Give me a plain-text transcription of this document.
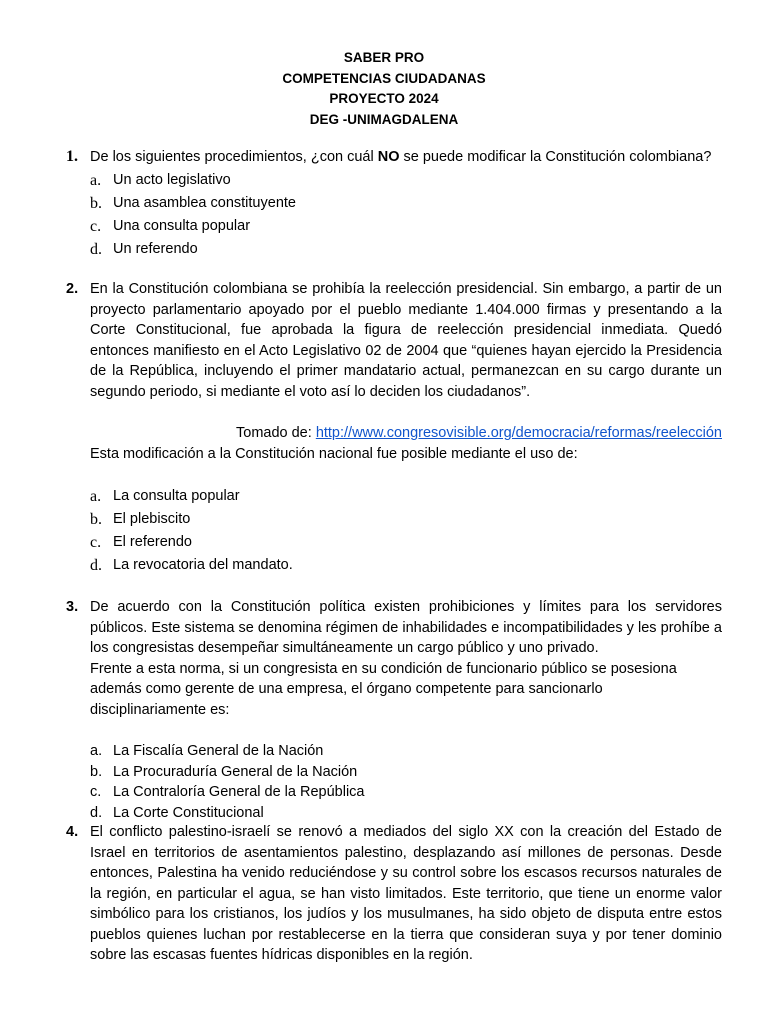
SABER PRO
COMPETENCIAS CIUDADANAS
PROYECTO 2024
DEG -UNIMAGDALENA
1. De los siguientes procedimientos, ¿con cuál NO se puede modificar la Constitución colombiana?

a. Un acto legislativo
b. Una asamblea constituyente
c. Una consulta popular
d. Un referendo
2. En la Constitución colombiana se prohibía la reelección presidencial. Sin embargo, a partir de un proyecto parlamentario apoyado por el pueblo mediante 1.404.000 firmas y presentando a la Corte Constitucional, fue aprobada la figura de reelección presidencial inmediata. Quedó entonces manifiesto en el Acto Legislativo 02 de 2004 que “quienes hayan ejercido la Presidencia de la República, incluyendo el primer mandatario actual, permanezcan en su cargo durante un segundo periodo, si mediante el voto así lo deciden los ciudadanos”.

Tomado de: http://www.congresovisible.org/democracia/reformas/reelección

Esta modificación a la Constitución nacional fue posible mediante el uso de:

a. La consulta popular
b. El plebiscito
c. El referendo
d. La revocatoria del mandato.
3. De acuerdo con la Constitución política existen prohibiciones y límites para los servidores públicos. Este sistema se denomina régimen de inhabilidades e incompatibilidades y les prohíbe a los congresistas desempeñar simultáneamente un cargo público y uno privado.

Frente a esta norma, si un congresista en su condición de funcionario público se posesiona además como gerente de una empresa, el órgano competente para sancionarlo disciplinariamente es:

a. La Fiscalía General de la Nación
b. La Procuraduría General de la Nación
c. La Contraloría General de la República
d. La Corte Constitucional
4. El conflicto palestino-israelí se renovó a mediados del siglo XX con la creación del Estado de Israel en territorios de asentamientos palestino, desplazando así millones de personas. Desde entonces, Palestina ha venido reduciéndose y su control sobre los escasos recursos naturales de la región, en particular el agua, se han visto limitados. Este territorio, que tiene un enorme valor simbólico para los cristianos, los judíos y los musulmanes, ha sido objeto de disputa entre estos pueblos quienes luchan por restablecerse en la tierra que consideran suya y por tener dominio sobre las escasas fuentes hídricas disponibles en la región.
